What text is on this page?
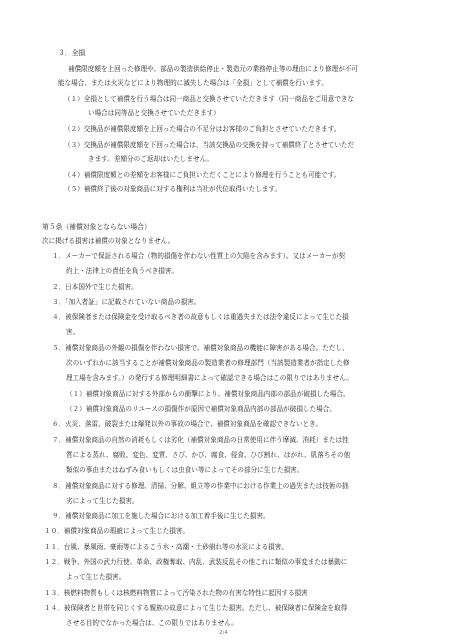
３．全損
補償限度額を上回った修理や、部品の製造供給停止・製造元の業務停止等の理由により修理が不可
能な場合、または火災などにより物理的に滅失した場合は「全損」として補償を行います。
（１）全損として補償を行う場合は同一商品と交換させていただきます（同一商品をご用意できな
い場合は同等品と交換させていただきます）
（２）交換品が補償限度額を上回った場合の不足分はお客様のご負担とさせていただきます。
（３）交換品が補償限度額を下回った場合は、当該交換品の交換を持って補償終了とさせていただ
きます。差額分のご返却はいたしません。
（４）補償限度額との差額をお客様にご負担いただくことにより修理を行うことも可能です。
（５）補償終了後の対象商品に対する権利は当社が代位取得いたします。
第５条（補償対象とならない場合）
次に掲げる損害は補償の対象となりません。
１．メーカーで保証される場合（物的損傷を伴わない性質上の欠陥を含みます）。又はメーカーが契
約上・法律上の責任を負うべき損害。
２．日本国外で生じた損害。
３．「加入者証」に記載されていない商品の損害。
４．被保険者または保険金を受け取るべき者の故意もしくは重過失または法令違反によって生じた損
害。
５．補償対象商品の外観の損傷を伴わない損害で、補償対象商品の機能に障害がある場合。ただし、
次のいずれかに該当することが補償対象商品の製造業者の修理部門（当該製造業者が指定した修
理工場を含みます。）の発行する修理明細書によって確認できる場合はこの限りではありません。
（１）補償対象商品に対する外部からの衝撃により、補償対象商品内部の部品が破損した場合。
（２）補償対象商品のリユースの損傷作が原因で補償対象商品内部の部品が破損した場合。
６．火災、落雷、破裂または爆発以外の事故の場合で、補償対象商品を確認できないとき。
７．補償対象商品の自然の消耗もしくは劣化（補償対象商品の日常使用に伴う摩滅、消耗）または性
質による蒸れ、腐敗、変色、変質、さび、かび、腐食、侵食、ひび割れ、はがれ、肌落ちその他
類似の事由またはねずみ食いもしくは虫食い等によってその部分に生じた損害。
８．補償対象商品に対する修理、清掃、分解、組立等の作業中における作業上の過失または技術の拙
劣によって生じた損害。
９．補償対象商品に加工を施した場合における加工着手後に生じた損害。
１０．補償対象商品の瑕疵によって生じた損害。
１１．台風、暴風雨、豪雨等によるこう水・高潮・土砂崩れ等の水災による損害。
１２．戦争、外国の武力行使、革命、政権奪取、内乱、武装反乱その他これに類似の事変または暴動に
よって生じた損害。
１３．核燃料物質もしくは核燃料物質によって汚染された物の有害な特性に起因する損害
１４．被保険者と世帯を同じくする親族の故意によって生じた損害。ただし、被保険者に保険金を取得
させる目的でなかった場合は、この限りではありません。
2/4
